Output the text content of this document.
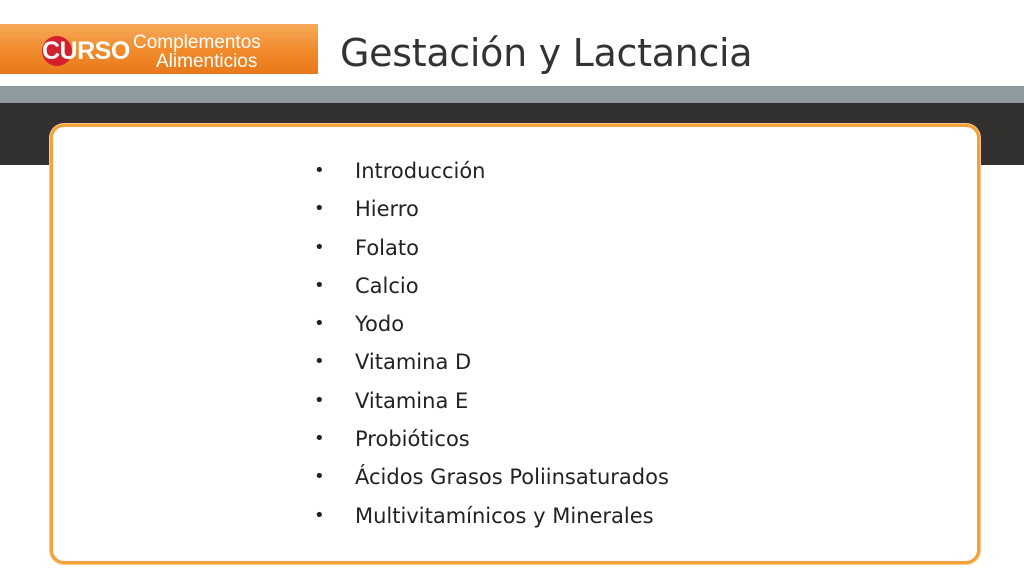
CURSO Complementos
Alimenticios Gestación y Lactancia
• Introducción
• Hierro
• Folato
• Calcio
• Yodo
• Vitamina D
• Vitamina E
• Probióticos
• Ácidos Grasos Poliinsaturados
• Multivitamínicos y Minerales
